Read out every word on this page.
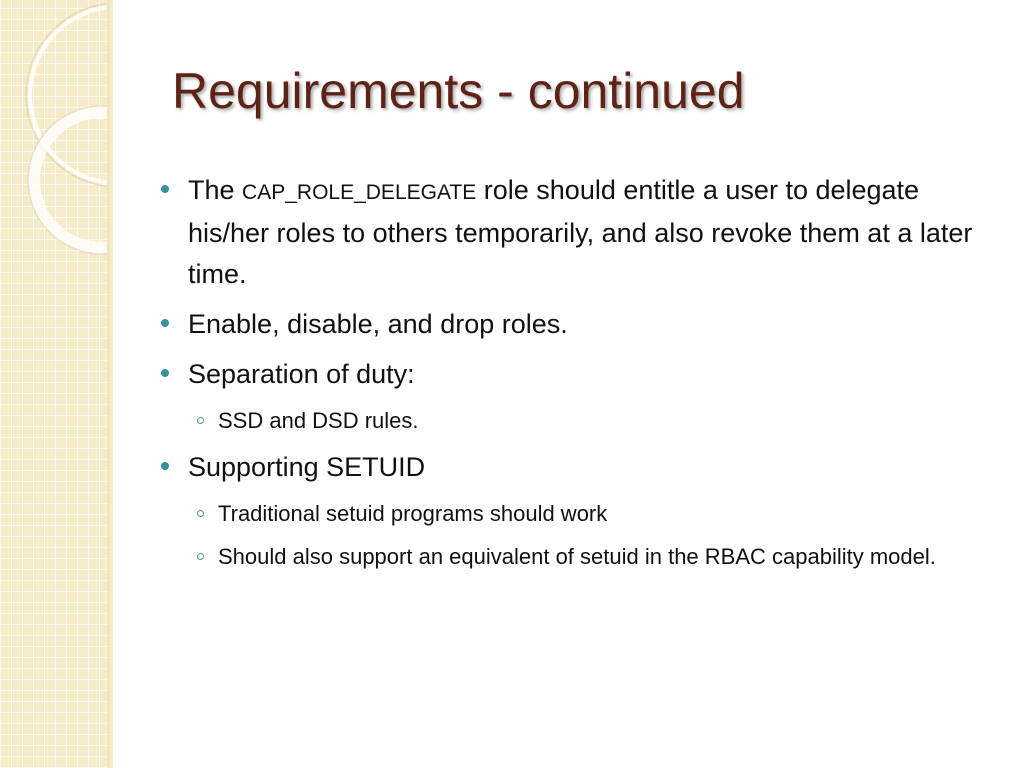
Requirements - continued
The CAP_ROLE_DELEGATE role should entitle a user to delegate his/her roles to others temporarily, and also revoke them at a later time.
Enable, disable, and drop roles.
Separation of duty:
SSD and DSD rules.
Supporting SETUID
Traditional setuid programs should work
Should also support an equivalent of setuid in the RBAC capability model.
